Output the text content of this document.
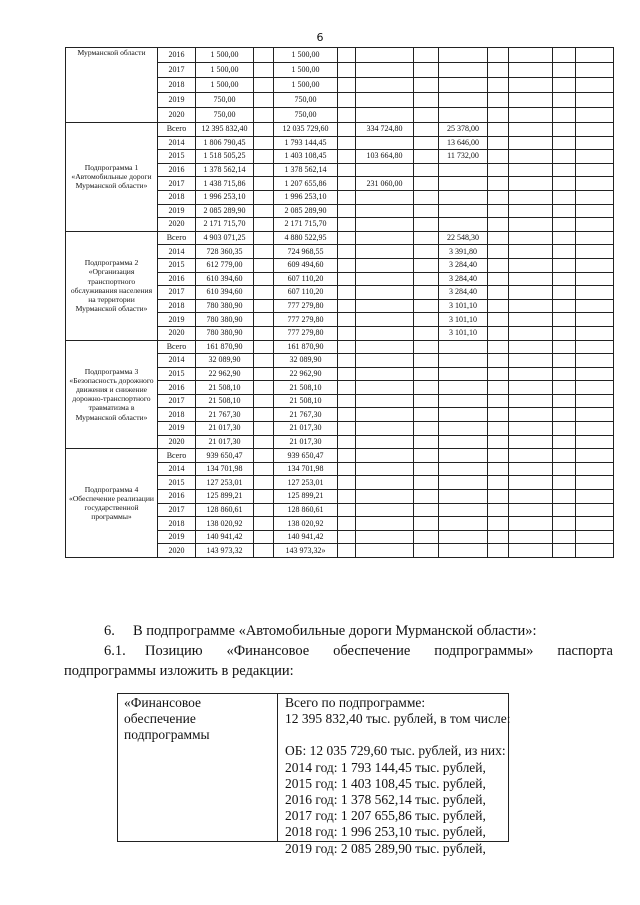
6
Мурманской области	2016	1 500,00		1 500,00								
	2017	1 500,00		1 500,00								
	2018	1 500,00		1 500,00								
	2019	750,00		750,00								
	2020	750,00		750,00								
Подпрограмма 1 «Автомобильные дороги Мурманской области»	Всего	12 395 832,40		12 035 729,60		334 724,80		25 378,00				
	2014	1 806 790,45		1 793 144,45				13 646,00				
	2015	1 518 505,25		1 403 108,45		103 664,80		11 732,00				
	2016	1 378 562,14		1 378 562,14								
	2017	1 438 715,86		1 207 655,86		231 060,00						
	2018	1 996 253,10		1 996 253,10								
	2019	2 085 289,90		2 085 289,90								
	2020	2 171 715,70		2 171 715,70								
Подпрограмма 2 «Организация транспортного обслуживания населения на территории Мурманской области»	Всего	4 903 071,25		4 880 522,95				22 548,30				
	2014	728 360,35		724 968,55				3 391,80				
	2015	612 779,00		609 494,60				3 284,40				
	2016	610 394,60		607 110,20				3 284,40				
	2017	610 394,60		607 110,20				3 284,40				
	2018	780 380,90		777 279,80				3 101,10				
	2019	780 380,90		777 279,80				3 101,10				
	2020	780 380,90		777 279,80				3 101,10				
Подпрограмма 3 «Безопасность дорожного движения и снижение дорожно-транспортного травматизма в Мурманской области»	Всего	161 870,90		161 870,90								
	2014	32 089,90		32 089,90								
	2015	22 962,90		22 962,90								
	2016	21 508,10		21 508,10								
	2017	21 508,10		21 508,10								
	2018	21 767,30		21 767,30								
	2019	21 017,30		21 017,30								
	2020	21 017,30		21 017,30								
Подпрограмма 4 «Обеспечение реализации государственной программы»	Всего	939 650,47		939 650,47								
	2014	134 701,98		134 701,98								
	2015	127 253,01		127 253,01								
	2016	125 899,21		125 899,21								
	2017	128 860,61		128 860,61								
	2018	138 020,92		138 020,92								
	2019	140 941,42		140 941,42								
	2020	143 973,32		143 973,32»								
6. В подпрограмме «Автомобильные дороги Мурманской области»:
6.1. Позицию «Финансовое обеспечение подпрограммы» паспорта
подпрограммы изложить в редакции:
«Финансовое обеспечение подпрограммы
Всего по подпрограмме:
12 395 832,40 тыс. рублей, в том числе:
ОБ: 12 035 729,60 тыс. рублей, из них:
2014 год: 1 793 144,45 тыс. рублей,
2015 год: 1 403 108,45 тыс. рублей,
2016 год: 1 378 562,14 тыс. рублей,
2017 год: 1 207 655,86 тыс. рублей,
2018 год: 1 996 253,10 тыс. рублей,
2019 год: 2 085 289,90 тыс. рублей,
